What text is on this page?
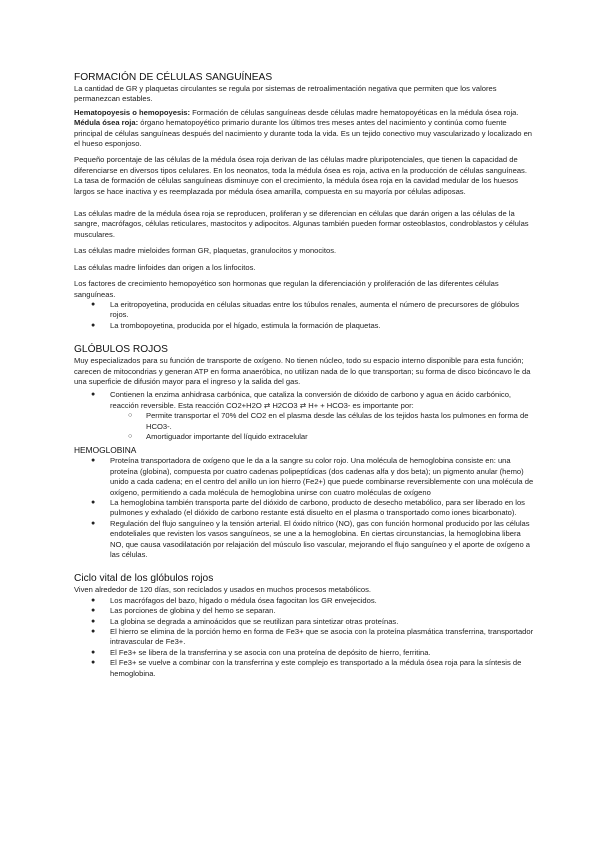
FORMACIÓN DE CÉLULAS SANGUÍNEAS

La cantidad de GR y plaquetas circulantes se regula por sistemas de retroalimentación negativa que permiten que los valores permanezcan estables.

Hematopoyesis o hemopoyesis: Formación de células sanguíneas desde células madre hematopoyéticas en la médula ósea roja.

Médula ósea roja: órgano hematopoyético primario durante los últimos tres meses antes del nacimiento y continúa como fuente principal de células sanguíneas después del nacimiento y durante toda la vida. Es un tejido conectivo muy vascularizado y localizado en el hueso esponjoso.

Pequeño porcentaje de las células de la médula ósea roja derivan de las células madre pluripotenciales, que tienen la capacidad de diferenciarse en diversos tipos celulares. En los neonatos, toda la médula ósea es roja, activa en la producción de células sanguíneas. La tasa de formación de células sanguíneas disminuye con el crecimiento, la médula ósea roja en la cavidad medular de los huesos largos se hace inactiva y es reemplazada por médula ósea amarilla, compuesta en su mayoría por células adiposas.

Las células madre de la médula ósea roja se reproducen, proliferan y se diferencian en células que darán origen a las células de la sangre, macrófagos, células reticulares, mastocitos y adipocitos. Algunas también pueden formar osteoblastos, condroblastos y células musculares.

Las células madre mieloides forman GR, plaquetas, granulocitos y monocitos.

Las células madre linfoides dan origen a los linfocitos.

Los factores de crecimiento hemopoyético son hormonas que regulan la diferenciación y proliferación de las diferentes células sanguíneas.

● La eritropoyetina, producida en células situadas entre los túbulos renales, aumenta el número de precursores de glóbulos rojos.
● La trombopoyetina, producida por el hígado, estimula la formación de plaquetas.
GLÓBULOS ROJOS

Muy especializados para su función de transporte de oxígeno. No tienen núcleo, todo su espacio interno disponible para esta función; carecen de mitocondrias y generan ATP en forma anaeróbica, no utilizan nada de lo que transportan; su forma de disco bicóncavo le da una superficie de difusión mayor para el ingreso y la salida del gas.

● Contienen la enzima anhidrasa carbónica, que cataliza la conversión de dióxido de carbono y agua en ácido carbónico, reacción reversible. Esta reacción CO2+H2O ⇄ H2CO3 ⇄ H+ + HCO3- es importante por:
○ Permite transportar el 70% del CO2 en el plasma desde las células de los tejidos hasta los pulmones en forma de HCO3-.
○ Amortiguador importante del líquido extracelular
HEMOGLOBINA
● Proteína transportadora de oxígeno que le da a la sangre su color rojo. Una molécula de hemoglobina consiste en: una proteína (globina), compuesta por cuatro cadenas polipeptídicas (dos cadenas alfa y dos beta); un pigmento anular (hemo) unido a cada cadena; en el centro del anillo un ion hierro (Fe2+) que puede combinarse reversiblemente con una molécula de oxígeno, permitiendo a cada molécula de hemoglobina unirse con cuatro moléculas de oxígeno
● La hemoglobina también transporta parte del dióxido de carbono, producto de desecho metabólico, para ser liberado en los pulmones y exhalado (el dióxido de carbono restante está disuelto en el plasma o transportado como iones bicarbonato).
● Regulación del flujo sanguíneo y la tensión arterial. El óxido nítrico (NO), gas con función hormonal producido por las células endoteliales que revisten los vasos sanguíneos, se une a la hemoglobina. En ciertas circunstancias, la hemoglobina libera NO, que causa vasodilatación por relajación del músculo liso vascular, mejorando el flujo sanguíneo y el aporte de oxígeno a las células.
Ciclo vital de los glóbulos rojos

Viven alrededor de 120 días, son reciclados y usados en muchos procesos metabólicos.

● Los macrófagos del bazo, hígado o médula ósea fagocitan los GR envejecidos.
● Las porciones de globina y del hemo se separan.
● La globina se degrada a aminoácidos que se reutilizan para sintetizar otras proteínas.
● El hierro se elimina de la porción hemo en forma de Fe3+ que se asocia con la proteína plasmática transferrina, transportador intravascular de Fe3+.
● El Fe3+ se libera de la transferrina y se asocia con una proteína de depósito de hierro, ferritina.
● El Fe3+ se vuelve a combinar con la transferrina y este complejo es transportado a la médula ósea roja para la síntesis de hemoglobina.
